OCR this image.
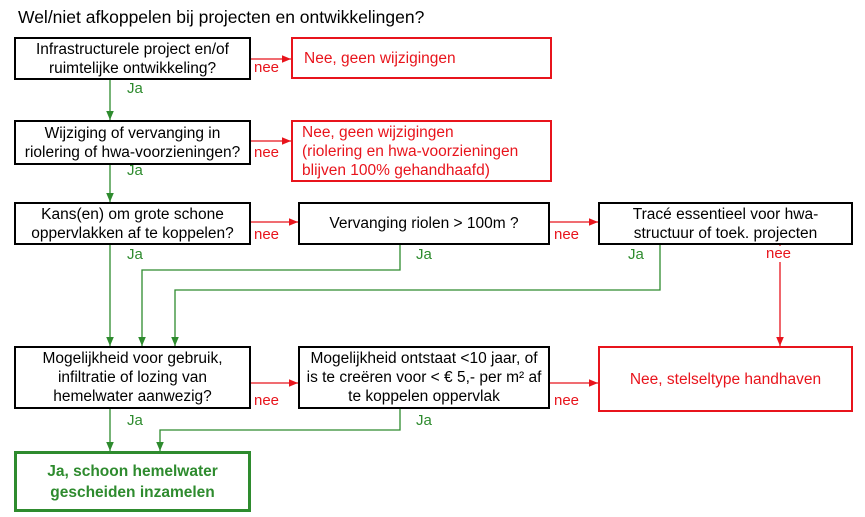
Wel/niet afkoppelen bij projecten en ontwikkelingen?
Infrastructurele project en/of
ruimtelijke ontwikkeling?
Nee, geen wijzigingen
Wijziging of vervanging in
riolering of hwa-voorzieningen?
Nee, geen wijzigingen
(riolering en hwa-voorzieningen
blijven 100% gehandhaafd)
Kans(en) om grote schone
oppervlakken af te koppelen?
Vervanging riolen > 100m ?
Tracé essentieel voor hwa-
structuur of toek. projecten
Mogelijkheid voor gebruik,
infiltratie of lozing van
hemelwater aanwezig?
Mogelijkheid ontstaat <10 jaar, of
is te creëren voor < € 5,- per m² af
te koppelen oppervlak
Nee, stelseltype handhaven
Ja, schoon hemelwater
gescheiden inzamelen
nee
Ja
nee
Ja
nee
Ja
nee
Ja	nee
Ja
nee
Ja
nee
Ja
